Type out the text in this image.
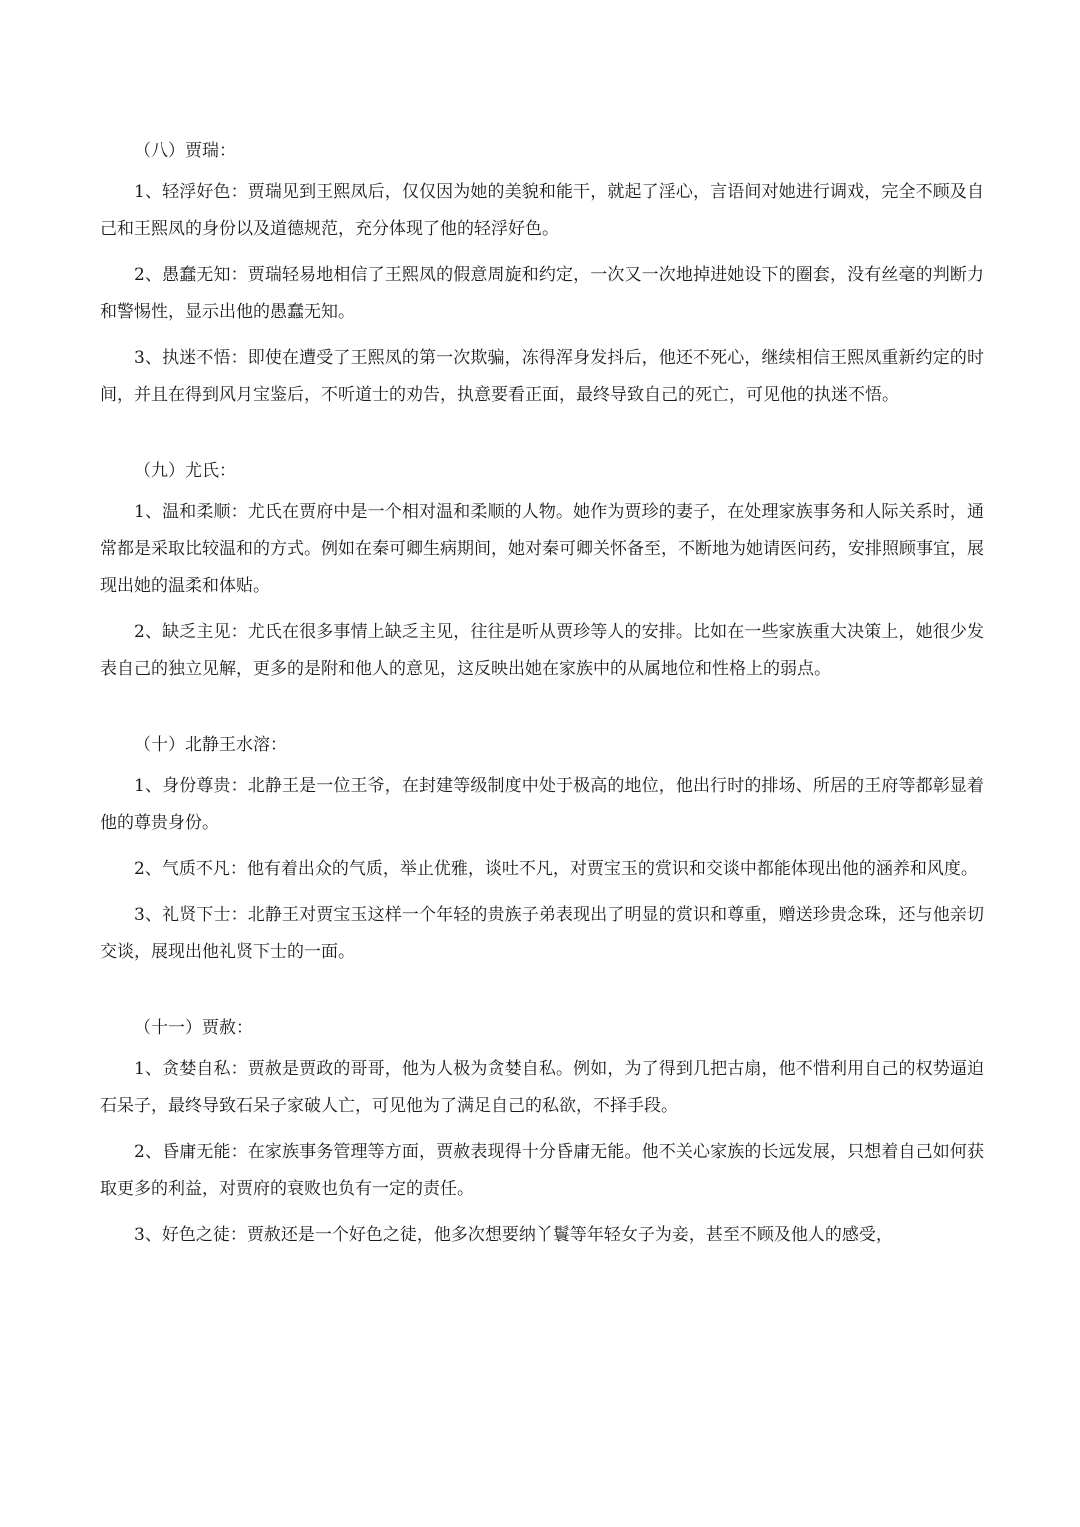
（八）贾瑞：

1、轻浮好色：贾瑞见到王熙凤后，仅仅因为她的美貌和能干，就起了淫心，言语间对她进行调戏，完全不顾及自己和王熙凤的身份以及道德规范，充分体现了他的轻浮好色。

2、愚蠢无知：贾瑞轻易地相信了王熙凤的假意周旋和约定，一次又一次地掉进她设下的圈套，没有丝毫的判断力和警惕性，显示出他的愚蠢无知。

3、执迷不悟：即使在遭受了王熙凤的第一次欺骗，冻得浑身发抖后，他还不死心，继续相信王熙凤重新约定的时间，并且在得到风月宝鉴后，不听道士的劝告，执意要看正面，最终导致自己的死亡，可见他的执迷不悟。

（九）尤氏：

1、温和柔顺：尤氏在贾府中是一个相对温和柔顺的人物。她作为贾珍的妻子，在处理家族事务和人际关系时，通常都是采取比较温和的方式。例如在秦可卿生病期间，她对秦可卿关怀备至，不断地为她请医问药，安排照顾事宜，展现出她的温柔和体贴。

2、缺乏主见：尤氏在很多事情上缺乏主见，往往是听从贾珍等人的安排。比如在一些家族重大决策上，她很少发表自己的独立见解，更多的是附和他人的意见，这反映出她在家族中的从属地位和性格上的弱点。

（十）北静王水溶：

1、身份尊贵：北静王是一位王爷，在封建等级制度中处于极高的地位，他出行时的排场、所居的王府等都彰显着他的尊贵身份。

2、气质不凡：他有着出众的气质，举止优雅，谈吐不凡，对贾宝玉的赏识和交谈中都能体现出他的涵养和风度。

3、礼贤下士：北静王对贾宝玉这样一个年轻的贵族子弟表现出了明显的赏识和尊重，赠送珍贵念珠，还与他亲切交谈，展现出他礼贤下士的一面。

（十一）贾赦：

1、贪婪自私：贾赦是贾政的哥哥，他为人极为贪婪自私。例如，为了得到几把古扇，他不惜利用自己的权势逼迫石呆子，最终导致石呆子家破人亡，可见他为了满足自己的私欲，不择手段。

2、昏庸无能：在家族事务管理等方面，贾赦表现得十分昏庸无能。他不关心家族的长远发展，只想着自己如何获取更多的利益，对贾府的衰败也负有一定的责任。

3、好色之徒：贾赦还是一个好色之徒，他多次想要纳丫鬟等年轻女子为妾，甚至不顾及他人的感受，
